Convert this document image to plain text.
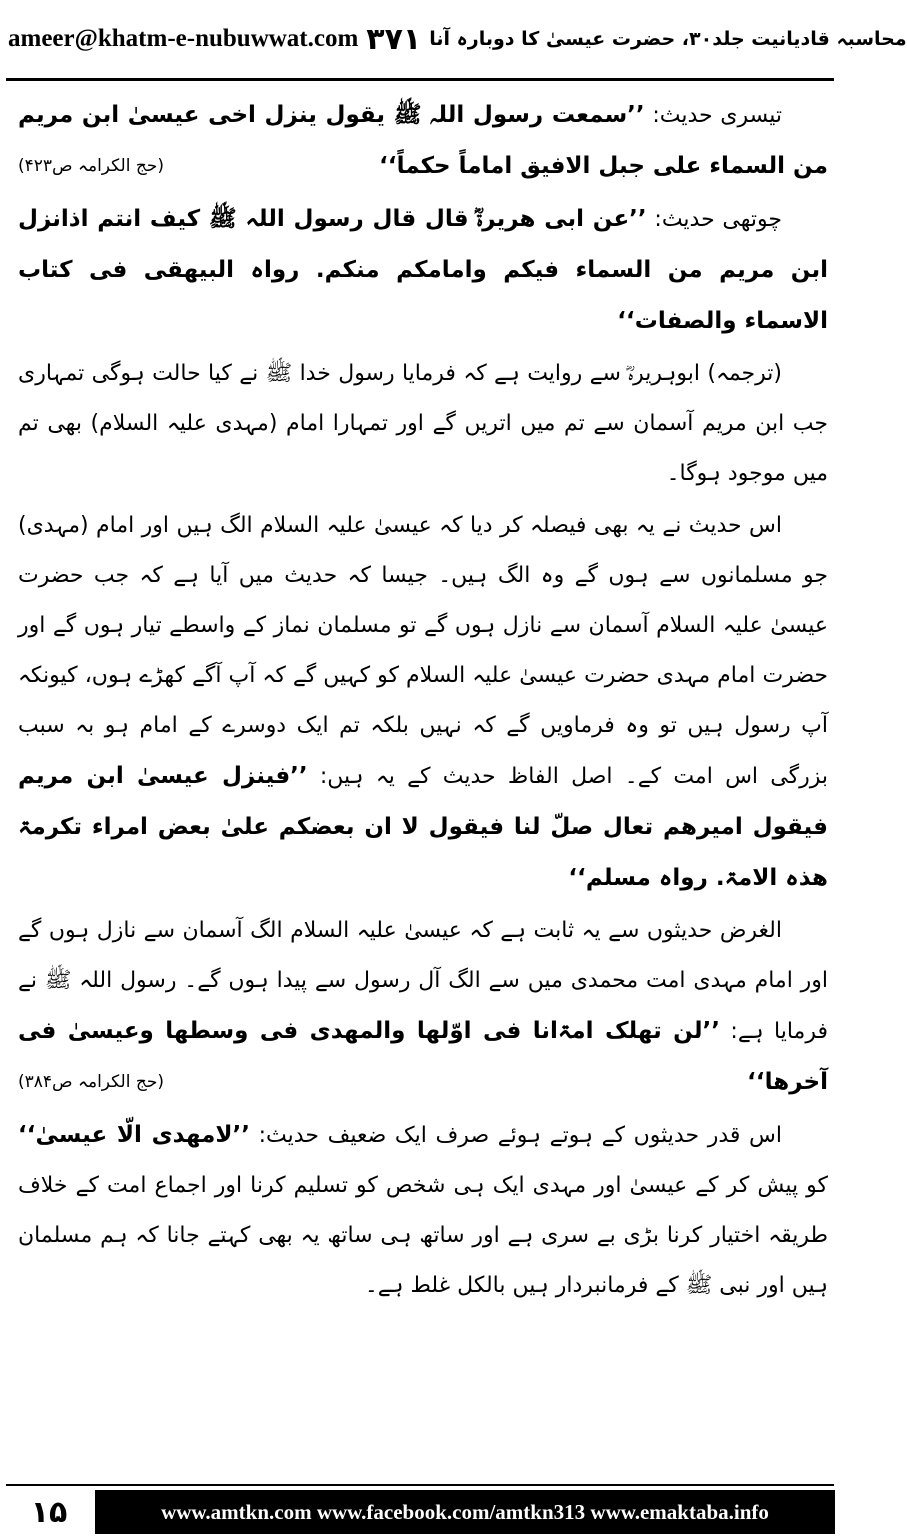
ameer@khatm-e-nubuwwat.com ۳۷۱ محاسبہ قادیانیت جلد۳۰، حضرت عیسیٰ کا دوبارہ آنا

تیسری حدیث: ’’سمعت رسول اللہ ﷺ یقول ینزل اخی عیسیٰ ابن مریم من السماء علی جبل الافیق اماماً حکماً‘‘
(حج الکرامہ ص۴۲۳)

چوتھی حدیث: ’’عن ابی ھریرۃؓ قال قال رسول اللہ ﷺ کیف انتم اذانزل ابن مریم من السماء فیکم وامامکم منکم. رواہ البیھقی فی کتاب الاسماء والصفات‘‘

(ترجمہ) ابوہریرہؓ سے روایت ہے کہ فرمایا رسول خدا ﷺ نے کیا حالت ہوگی تمہاری جب ابن مریم آسمان سے تم میں اتریں گے اور تمہارا امام (مہدی علیہ السلام) بھی تم میں موجود ہوگا۔

اس حدیث نے یہ بھی فیصلہ کر دیا کہ عیسیٰ علیہ السلام الگ ہیں اور امام (مہدی) جو مسلمانوں سے ہوں گے وہ الگ ہیں۔ جیسا کہ حدیث میں آیا ہے کہ جب حضرت عیسیٰ علیہ السلام آسمان سے نازل ہوں گے تو مسلمان نماز کے واسطے تیار ہوں گے اور حضرت امام مہدی حضرت عیسیٰ علیہ السلام کو کہیں گے کہ آپ آگے کھڑے ہوں، کیونکہ آپ رسول ہیں تو وہ فرماویں گے کہ نہیں بلکہ تم ایک دوسرے کے امام ہو بہ سبب بزرگی اس امت کے۔ اصل الفاظ حدیث کے یہ ہیں: ’’فینزل عیسیٰ ابن مریم فیقول امیرھم تعال صلّ لنا فیقول لا ان بعضکم علیٰ بعض امراء تکرمۃ ھذہ الامۃ. رواہ مسلم‘‘

الغرض حدیثوں سے یہ ثابت ہے کہ عیسیٰ علیہ السلام الگ آسمان سے نازل ہوں گے اور امام مہدی امت محمدی میں سے الگ آل رسول سے پیدا ہوں گے۔ رسول اللہ ﷺ نے فرمایا ہے: ’’لن تھلک امۃانا فی اوّلھا والمھدی فی وسطھا وعیسیٰ فی آخرھا‘‘
(حج الکرامہ ص۳۸۴)

اس قدر حدیثوں کے ہوتے ہوئے صرف ایک ضعیف حدیث: ’’لامھدی الّا عیسیٰ‘‘ کو پیش کر کے عیسیٰ اور مہدی ایک ہی شخص کو تسلیم کرنا اور اجماع امت کے خلاف طریقہ اختیار کرنا بڑی بے سری ہے اور ساتھ ہی ساتھ یہ بھی کہتے جانا کہ ہم مسلمان ہیں اور نبی ﷺ کے فرمانبردار ہیں بالکل غلط ہے۔

۱۵	www.amtkn.com www.facebook.com/amtkn313 www.emaktaba.info
